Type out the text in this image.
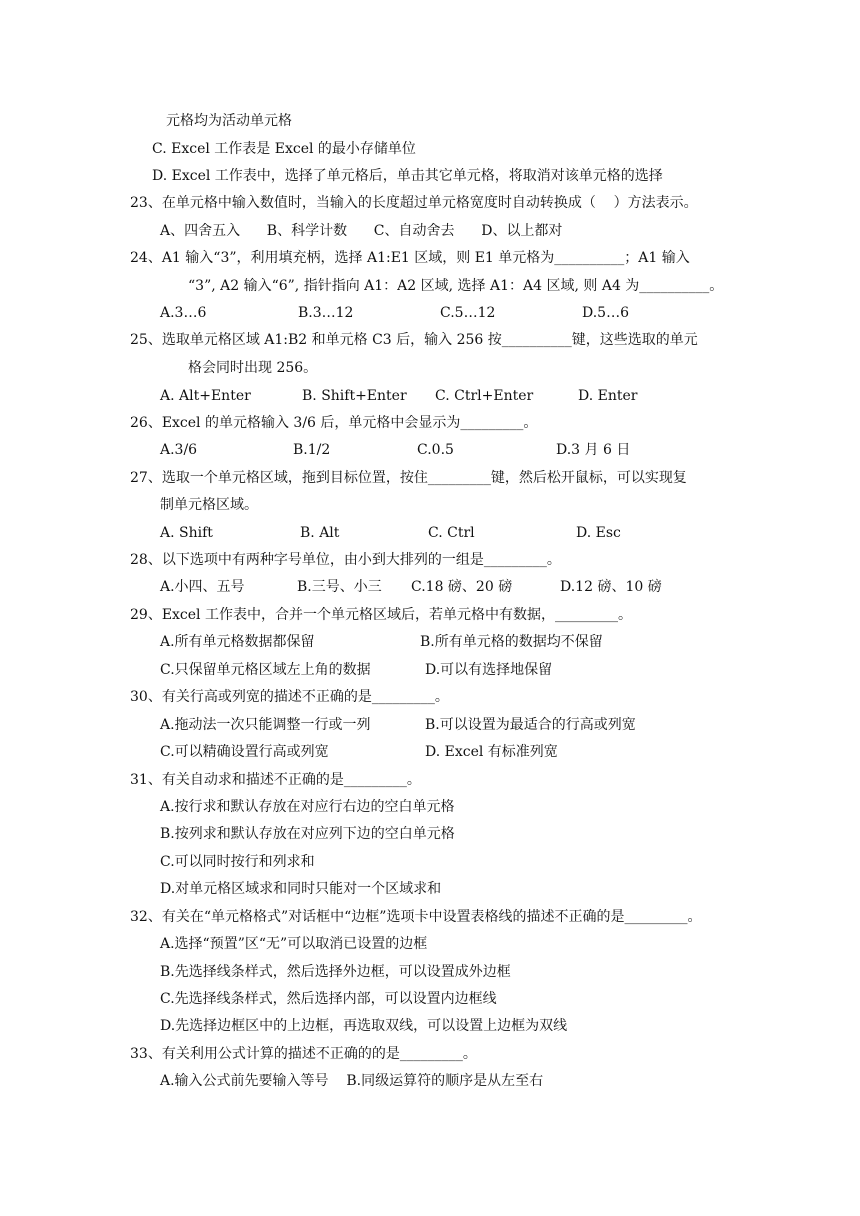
元格均为活动单元格
C. Excel 工作表是 Excel 的最小存储单位
D. Excel 工作表中，选择了单元格后，单击其它单元格，将取消对该单元格的选择
23、在单元格中输入数值时，当输入的长度超过单元格宽度时自动转换成（    ）方法表示。
A、四舍五入      B、科学计数      C、自动舍去      D、以上都对
24、A1 输入“3”，利用填充柄，选择 A1:E1 区域，则 E1 单元格为__________；A1 输入
“3”, A2 输入“6”, 指针指向 A1：A2 区域, 选择 A1：A4 区域, 则 A4 为__________。
A.3…6	B.3…12	C.5…12	D.5…6
25、选取单元格区域 A1:B2 和单元格 C3 后，输入 256 按__________键，这些选取的单元
格会同时出现 256。
A. Alt+Enter	B. Shift+Enter C. Ctrl+Enter	D. Enter
26、Excel 的单元格输入 3/6 后，单元格中会显示为_________。
A.3/6	B.1/2	C.0.5	D.3 月 6 日
27、选取一个单元格区域，拖到目标位置，按住_________键，然后松开鼠标，可以实现复
制单元格区域。
A. Shift	B. Alt	C. Ctrl	D. Esc
28、以下选项中有两种字号单位，由小到大排列的一组是_________。
A.小四、五号	B.三号、小三 C.18 磅、20 磅	D.12 磅、10 磅
29、Excel 工作表中，合并一个单元格区域后，若单元格中有数据，_________。
A.所有单元格数据都保留	B.所有单元格的数据均不保留
C.只保留单元格区域左上角的数据	D.可以有选择地保留
30、有关行高或列宽的描述不正确的是_________。
A.拖动法一次只能调整一行或一列	B.可以设置为最适合的行高或列宽
C.可以精确设置行高或列宽	D. Excel 有标准列宽
31、有关自动求和描述不正确的是_________。
A.按行求和默认存放在对应行右边的空白单元格
B.按列求和默认存放在对应列下边的空白单元格
C.可以同时按行和列求和
D.对单元格区域求和同时只能对一个区域求和
32、有关在“单元格格式”对话框中“边框”选项卡中设置表格线的描述不正确的是_________。
A.选择“预置”区“无”可以取消已设置的边框
B.先选择线条样式，然后选择外边框，可以设置成外边框
C.先选择线条样式，然后选择内部，可以设置内边框线
D.先选择边框区中的上边框，再选取双线，可以设置上边框为双线
33、有关利用公式计算的描述不正确的的是_________。
A.输入公式前先要输入等号    B.同级运算符的顺序是从左至右
